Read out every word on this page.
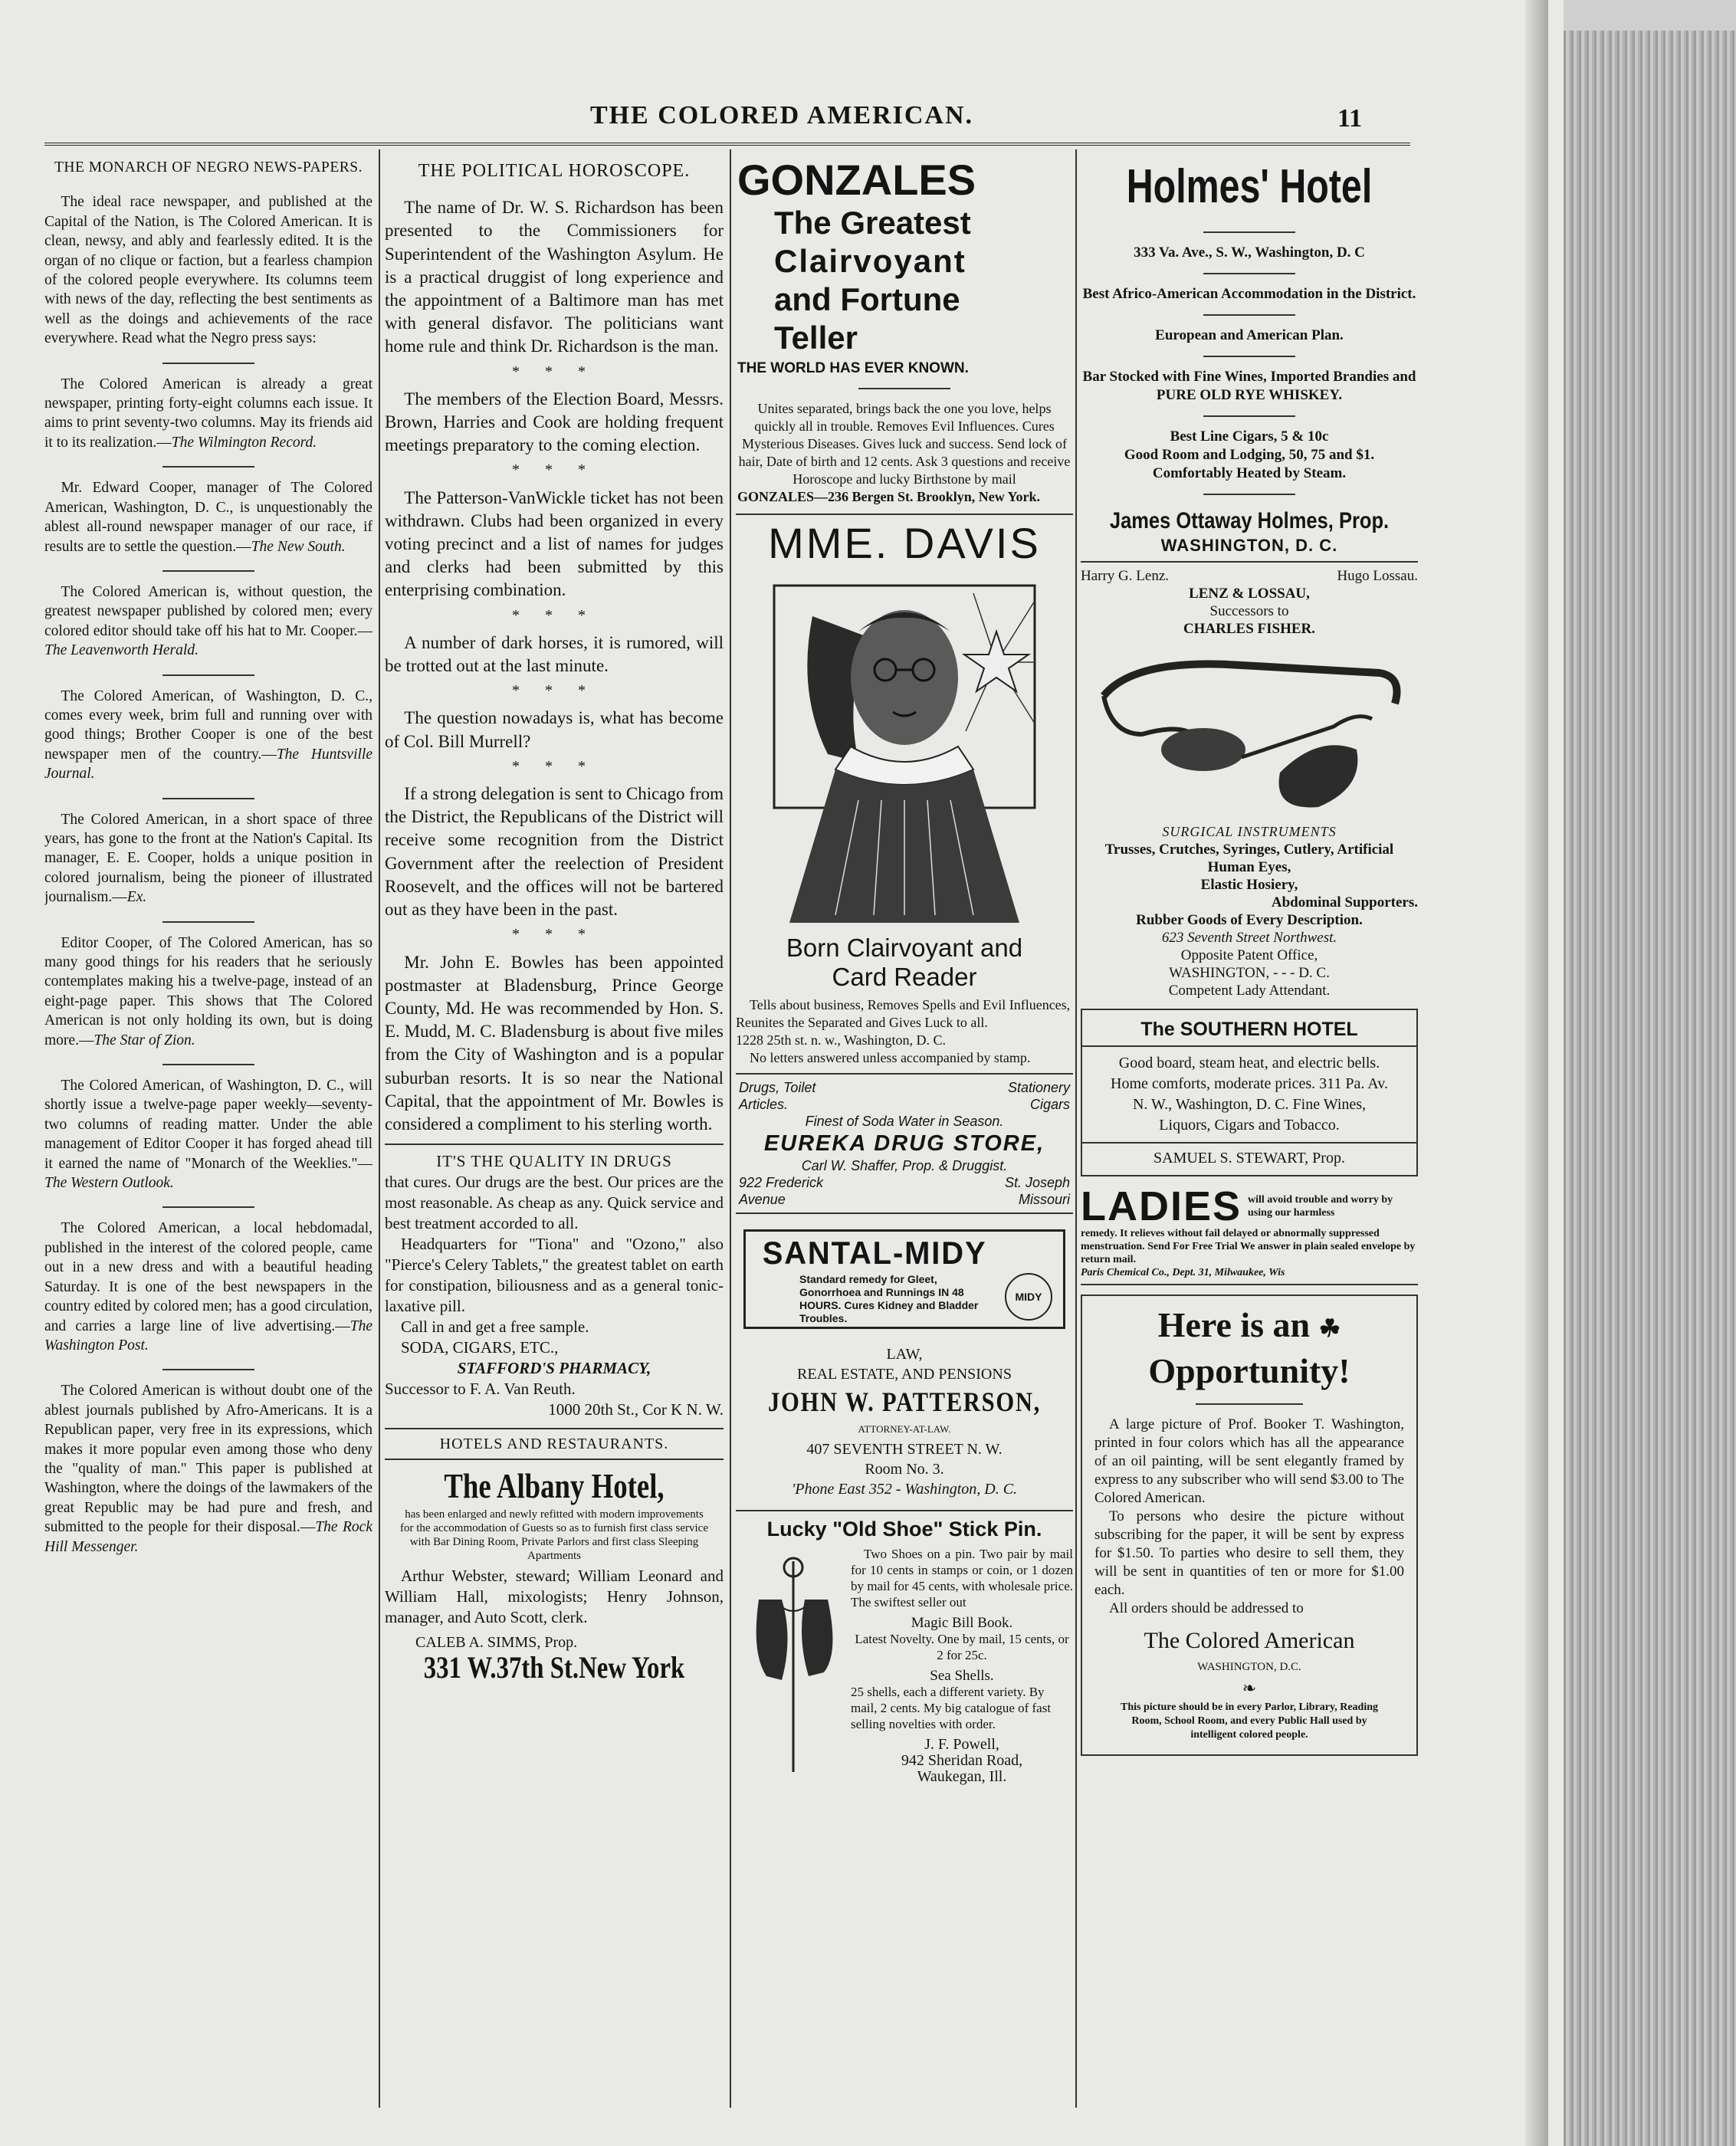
THE COLORED AMERICAN.	11
THE MONARCH OF NEGRO NEWS-PAPERS.

The ideal race newspaper, and published at the Capital of the Nation, is The Colored American. It is clean, newsy, and ably and fearlessly edited. It is the organ of no clique or faction, but a fearless champion of the colored people everywhere. Its columns teem with news of the day, reflecting the best sentiments as well as the doings and achievements of the race everywhere. Read what the Negro press says:

The Colored American is already a great newspaper, printing forty-eight columns each issue. It aims to print seventy-two columns. May its friends aid it to its realization.—The Wilmington Record.

Mr. Edward Cooper, manager of The Colored American, Washington, D. C., is unquestionably the ablest all-round newspaper manager of our race, if results are to settle the question.—The New South.

The Colored American is, without question, the greatest newspaper published by colored men; every colored editor should take off his hat to Mr. Cooper.—The Leavenworth Herald.

The Colored American, of Washington, D. C., comes every week, brim full and running over with good things; Brother Cooper is one of the best newspaper men of the country.—The Huntsville Journal.

The Colored American, in a short space of three years, has gone to the front at the Nation's Capital. Its manager, E. E. Cooper, holds a unique position in colored journalism, being the pioneer of illustrated journalism.—Ex.

Editor Cooper, of The Colored American, has so many good things for his readers that he seriously contemplates making his a twelve-page, instead of an eight-page paper. This shows that The Colored American is not only holding its own, but is doing more.—The Star of Zion.

The Colored American, of Washington, D. C., will shortly issue a twelve-page paper weekly—seventy-two columns of reading matter. Under the able management of Editor Cooper it has forged ahead till it earned the name of "Monarch of the Weeklies."—The Western Outlook.

The Colored American, a local hebdomadal, published in the interest of the colored people, came out in a new dress and with a beautiful heading Saturday. It is one of the best newspapers in the country edited by colored men; has a good circulation, and carries a large line of live advertising.—The Washington Post.

The Colored American is without doubt one of the ablest journals published by Afro-Americans. It is a Republican paper, very free in its expressions, which makes it more popular even among those who deny the "quality of man." This paper is published at Washington, where the doings of the lawmakers of the great Republic may be had pure and fresh, and submitted to the people for their disposal.—The Rock Hill Messenger.

THE POLITICAL HOROSCOPE.

The name of Dr. W. S. Richardson has been presented to the Commissioners for Superintendent of the Washington Asylum. He is a practical druggist of long experience and the appointment of a Baltimore man has met with general disfavor. The politicians want home rule and think Dr. Richardson is the man.

* * *

The members of the Election Board, Messrs. Brown, Harries and Cook are holding frequent meetings preparatory to the coming election.

* * *

The Patterson-VanWickle ticket has not been withdrawn. Clubs had been organized in every voting precinct and a list of names for judges and clerks had been submitted by this enterprising combination.

* * *

A number of dark horses, it is rumored, will be trotted out at the last minute.

* * *

The question nowadays is, what has become of Col. Bill Murrell?

* * *

If a strong delegation is sent to Chicago from the District, the Republicans of the District will receive some recognition from the District Government after the reelection of President Roosevelt, and the offices will not be bartered out as they have been in the past.

* * *

Mr. John E. Bowles has been appointed postmaster at Bladensburg, Prince George County, Md. He was recommended by Hon. S. E. Mudd, M. C. Bladensburg is about five miles from the City of Washington and is a popular suburban resorts. It is so near the National Capital, that the appointment of Mr. Bowles is considered a compliment to his sterling worth.

IT'S THE QUALITY IN DRUGS
that cures. Our drugs are the best. Our prices are the most reasonable. As cheap as any. Quick service and best treatment accorded to all.
Headquarters for "Tiona" and "Ozono," also "Pierce's Celery Tablets," the greatest tablet on earth for constipation, biliousness and as a general tonic-laxative pill.
Call in and get a free sample.
SODA, CIGARS, ETC.,
STAFFORD'S PHARMACY,
Successor to F. A. Van Reuth.
1000 20th St., Cor K N. W.
HOTELS AND RESTAURANTS.
The Albany Hotel,
has been enlarged and newly refitted with modern improvements for the accommodation of Guests so as to furnish first class service with Bar Dining Room, Private Parlors and first class Sleeping Apartments
Arthur Webster, steward; William Leonard and William Hall, mixologists; Henry Johnson, manager, and Auto Scott, clerk.
CALEB A. SIMMS, Prop.
331 W.37th St.New York
GONZALES
The Greatest
Clairvoyant
and Fortune
Teller
THE WORLD HAS EVER KNOWN.
Unites separated, brings back the one you love, helps quickly all in trouble. Removes Evil Influences. Cures Mysterious Diseases. Gives luck and success. Send lock of hair, Date of birth and 12 cents. Ask 3 questions and receive Horoscope and lucky Birthstone by mail
GONZALES—236 Bergen St. Brooklyn, New York.
MME. DAVIS
Born Clairvoyant and
Card Reader
Tells about business, Removes Spells and Evil Influences, Reunites the Separated and Gives Luck to all.
1228 25th st. n. w., Washington, D. C.
No letters answered unless accompanied by stamp.
Drugs, Toilet
Articles.
Stationery
Cigars
Finest of Soda Water in Season.
EUREKA DRUG STORE,
Carl W. Shaffer, Prop. & Druggist.
922 Frederick
Avenue
St. Joseph
Missouri
SANTAL-MIDY
Standard remedy for Gleet, Gonorrhoea and Runnings IN 48 HOURS. Cures Kidney and Bladder Troubles.
MIDY
LAW,
REAL ESTATE, AND PENSIONS
JOHN W. PATTERSON,
ATTORNEY-AT-LAW.
407 SEVENTH STREET N. W.
Room No. 3.
'Phone East 352 - Washington, D. C.
Lucky "Old Shoe" Stick Pin.
Two Shoes on a pin. Two pair by mail for 10 cents in stamps or coin, or 1 dozen by mail for 45 cents, with wholesale price. The swiftest seller out
Magic Bill Book.
Latest Novelty. One by mail, 15 cents, or 2 for 25c.
Sea Shells.
25 shells, each a different variety. By mail, 2 cents. My big catalogue of fast selling novelties with order.
J. F. Powell,
942 Sheridan Road,
Waukegan, Ill.
Holmes' Hotel
333 Va. Ave., S. W., Washington, D. C
Best Africo-American Accommodation in the District.
European and American Plan.
Bar Stocked with Fine Wines, Imported Brandies and
PURE OLD RYE WHISKEY.
Best Line Cigars, 5 & 10c
Good Room and Lodging, 50, 75 and $1.
Comfortably Heated by Steam.
James Ottaway Holmes, Prop.
WASHINGTON, D. C.
Harry G. Lenz.	Hugo Lossau.
LENZ & LOSSAU,
Successors to
CHARLES FISHER.
SURGICAL INSTRUMENTS
Trusses, Crutches, Syringes, Cutlery, Artificial Human Eyes,
Elastic Hosiery,
Abdominal Supporters.
Rubber Goods of Every Description.
623 Seventh Street Northwest.
Opposite Patent Office,
WASHINGTON, - - - D. C.
Competent Lady Attendant.
The SOUTHERN HOTEL
Good board, steam heat, and electric bells. Home comforts, moderate prices. 311 Pa. Av. N. W., Washington, D. C. Fine Wines, Liquors, Cigars and Tobacco.
SAMUEL S. STEWART, Prop.
LADIES will avoid trouble and worry by using our harmless
remedy. It relieves without fail delayed or abnormally suppressed menstruation. Send For Free Trial We answer in plain sealed envelope by return mail.
Paris Chemical Co., Dept. 31, Milwaukee, Wis
Here is an ☘
Opportunity!
A large picture of Prof. Booker T. Washington, printed in four colors which has all the appearance of an oil painting, will be sent elegantly framed by express to any subscriber who will send $3.00 to The Colored American.
To persons who desire the picture without subscribing for the paper, it will be sent by express for $1.50. To parties who desire to sell them, they will be sent in quantities of ten or more for $1.00 each.
All orders should be addressed to
The Colored American
WASHINGTON, D.C.
❧
This picture should be in every Parlor, Library, Reading Room, School Room, and every Public Hall used by intelligent colored people.
